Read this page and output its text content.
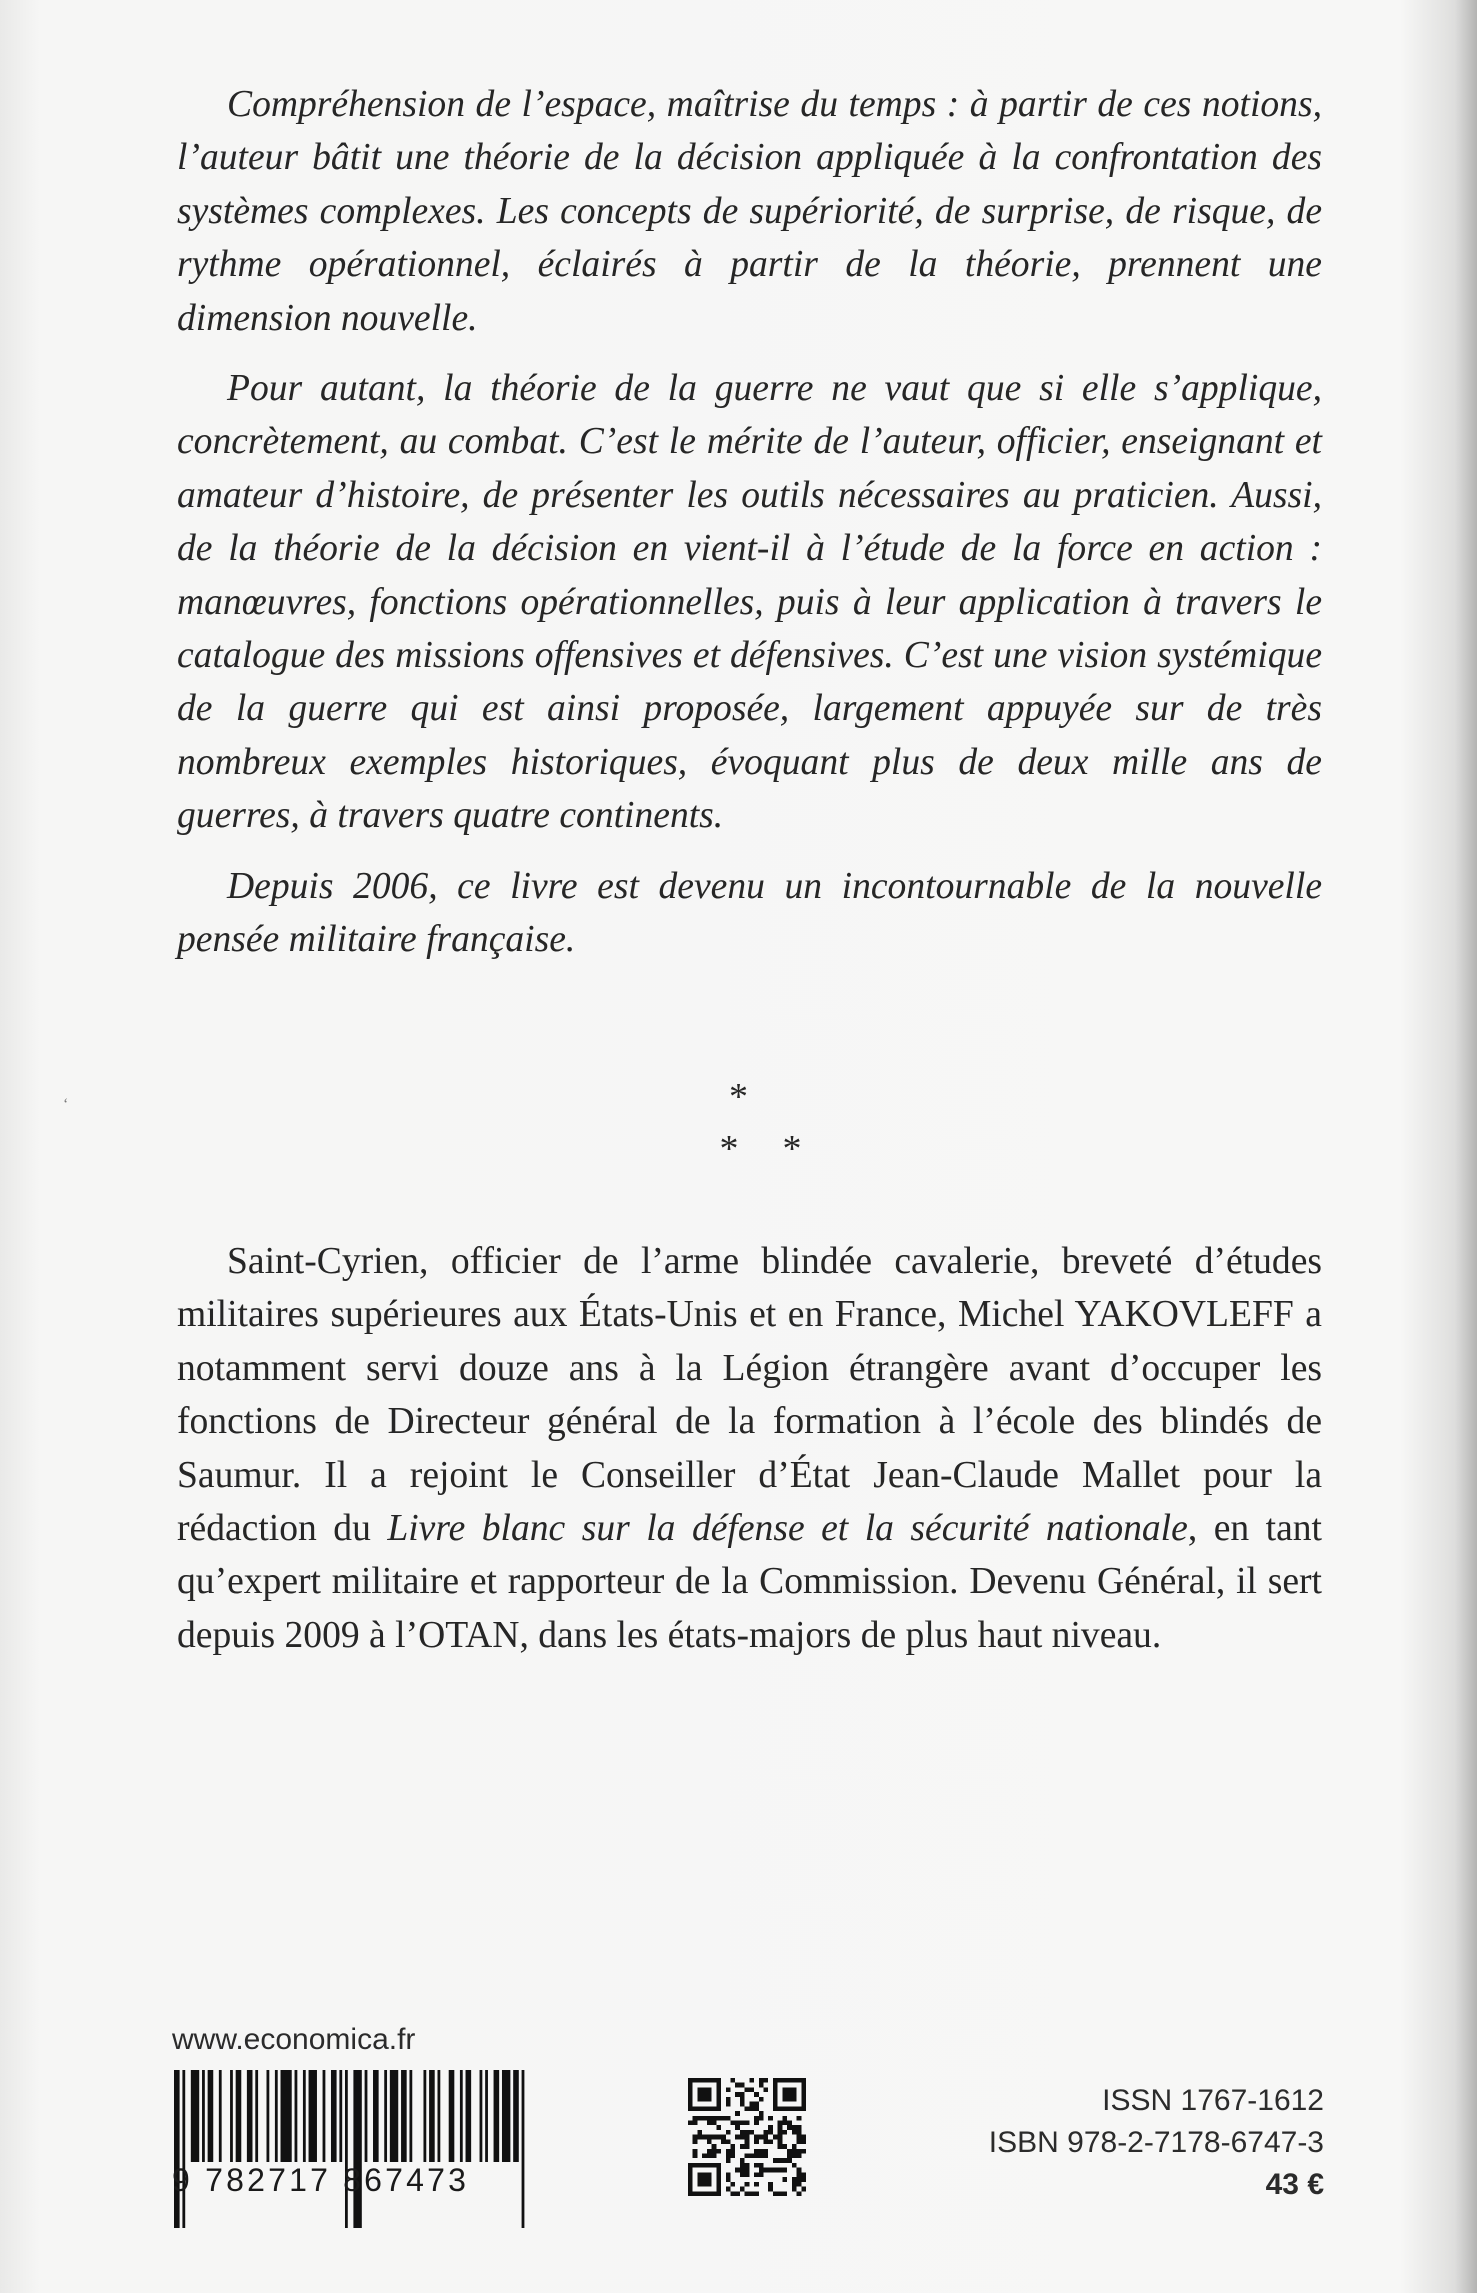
Compréhension de l’espace, maîtrise du temps : à partir de ces notions, l’auteur bâtit une théorie de la décision appliquée à la confrontation des systèmes complexes. Les concepts de supériorité, de surprise, de risque, de rythme opérationnel, éclairés à partir de la théorie, prennent une dimension nouvelle.

Pour autant, la théorie de la guerre ne vaut que si elle s’applique, concrètement, au combat. C’est le mérite de l’auteur, officier, enseignant et amateur d’histoire, de présenter les outils nécessaires au praticien. Aussi, de la théorie de la décision en vient-il à l’étude de la force en action : manœuvres, fonctions opérationnelles, puis à leur application à travers le catalogue des missions offensives et défensives. C’est une vision systémique de la guerre qui est ainsi proposée, largement appuyée sur de très nombreux exemples historiques, évoquant plus de deux mille ans de guerres, à travers quatre continents.

Depuis 2006, ce livre est devenu un incontournable de la nouvelle pensée militaire française.

‘	*
**

Saint-Cyrien, officier de l’arme blindée cavalerie, breveté d’études militaires supérieures aux États-Unis et en France, Michel YAKOVLEFF a notamment servi douze ans à la Légion étrangère avant d’occuper les fonctions de Directeur général de la formation à l’école des blindés de Saumur. Il a rejoint le Conseiller d’État Jean-Claude Mallet pour la rédaction du Livre blanc sur la défense et la sécurité nationale, en tant qu’expert militaire et rapporteur de la Commission. Devenu Général, il sert depuis 2009 à l’OTAN, dans les états-majors de plus haut niveau.

www.economica.fr
9 782717 867473
ISSN 1767-1612
ISBN 978-2-7178-6747-3
43 €
